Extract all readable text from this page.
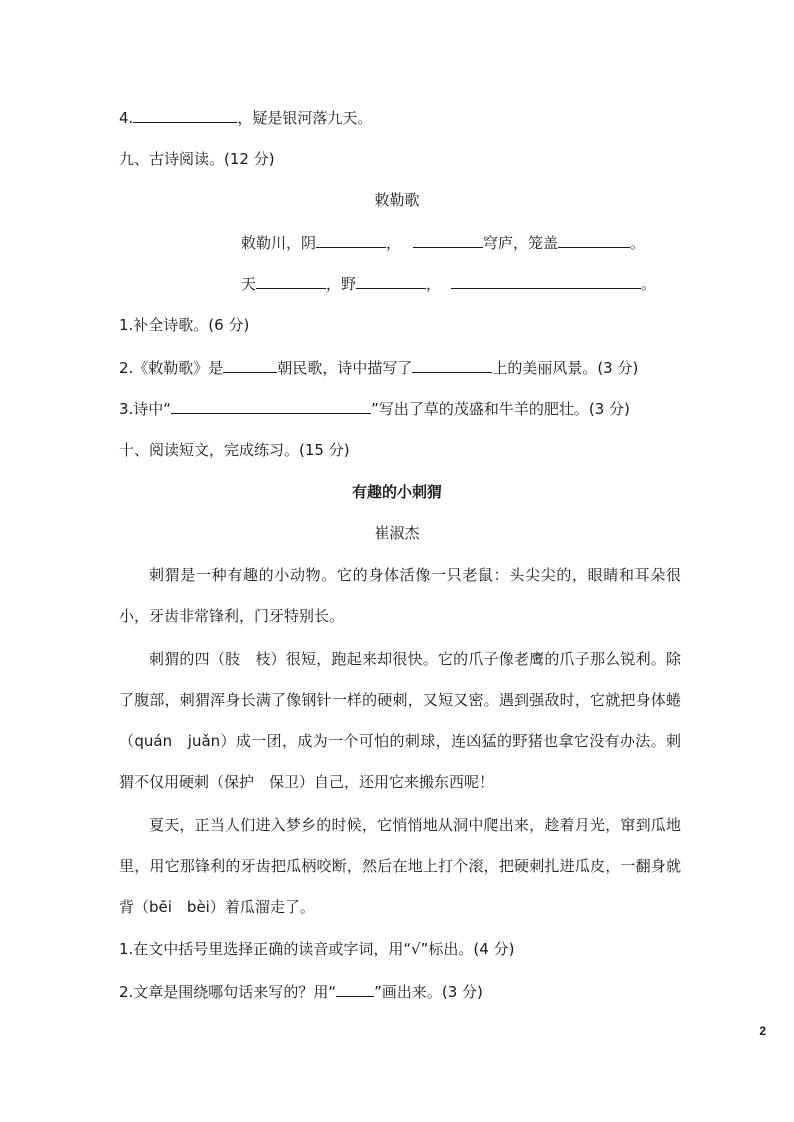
4.	，疑是银河落九天。
九、古诗阅读。(12 分)
敕勒歌
敕勒川，阴	，	穹庐，笼盖	。
天	，野	，	。
1.补全诗歌。(6 分)
2.《敕勒歌》是	朝民歌，诗中描写了	上的美丽风景。(3 分)
3.诗中“	”写出了草的茂盛和牛羊的肥壮。(3 分)
十、阅读短文，完成练习。(15 分)
有趣的小刺猬
崔淑杰
刺猬是一种有趣的小动物。它的身体活像一只老鼠：头尖尖的，眼睛和耳朵很小，牙齿非常锋利，门牙特别长。
刺猬的四（肢　枝）很短，跑起来却很快。它的爪子像老鹰的爪子那么锐利。除了腹部，刺猬浑身长满了像钢针一样的硬刺，又短又密。遇到强敌时，它就把身体蜷（quán　juǎn）成一团，成为一个可怕的刺球，连凶猛的野猪也拿它没有办法。刺猬不仅用硬刺（保护　保卫）自己，还用它来搬东西呢！
夏天，正当人们进入梦乡的时候，它悄悄地从洞中爬出来，趁着月光，窜到瓜地里，用它那锋利的牙齿把瓜柄咬断，然后在地上打个滚，把硬刺扎进瓜皮，一翻身就背（bēi　bèi）着瓜溜走了。
1.在文中括号里选择正确的读音或字词，用“√”标出。(4 分)
2.文章是围绕哪句话来写的？用“	”画出来。(3 分)
2
